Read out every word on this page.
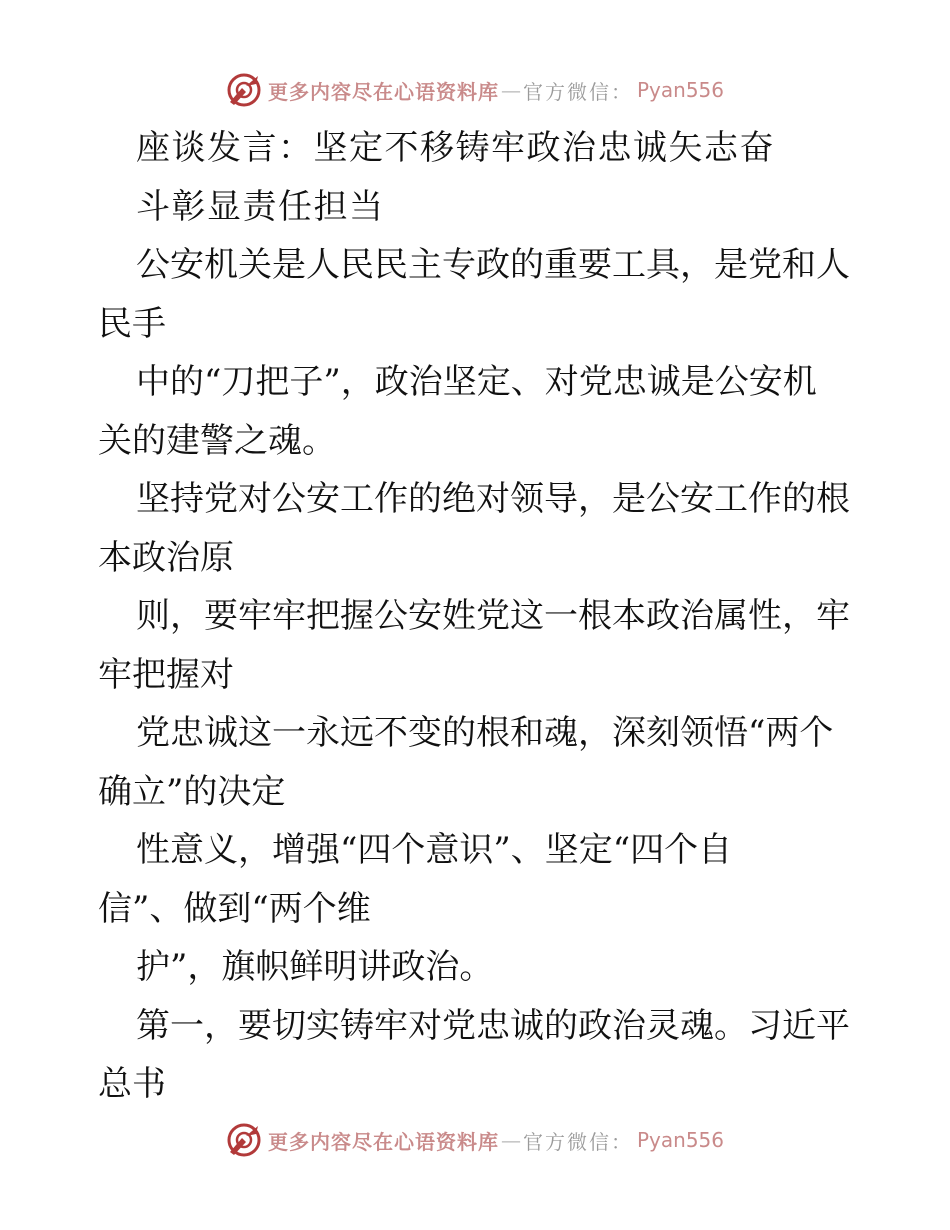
更多内容尽在心语资料库 — 官方微信： Pyan556
座谈发言：坚定不移铸牢政治忠诚矢志奋
斗彰显责任担当
公安机关是人民民主专政的重要工具，是党和人
民手
中的“刀把子”，政治坚定、对党忠诚是公安机
关的建警之魂。
坚持党对公安工作的绝对领导，是公安工作的根
本政治原
则，要牢牢把握公安姓党这一根本政治属性，牢
牢把握对
党忠诚这一永远不变的根和魂，深刻领悟“两个
确立”的决定
性意义，增强“四个意识”、坚定“四个自
信”、做到“两个维
护”，旗帜鲜明讲政治。
第一，要切实铸牢对党忠诚的政治灵魂。习近平
总书
更多内容尽在心语资料库 — 官方微信： Pyan556
